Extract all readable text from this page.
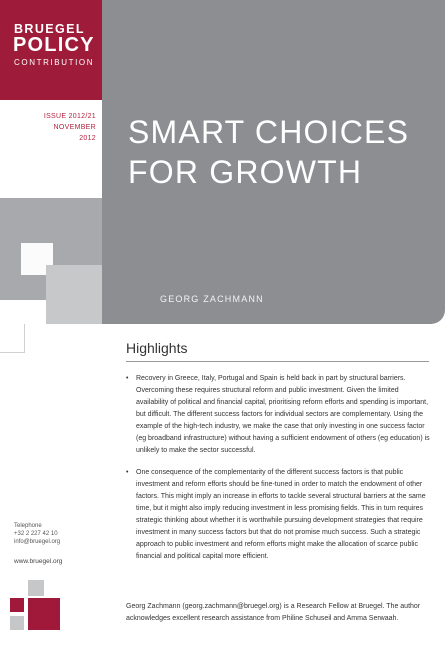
BRUEGEL
POLICY
CONTRIBUTION
ISSUE 2012/21
NOVEMBER 2012 SMART CHOICES
FOR GROWTH
GEORG ZACHMANN
Telephone
+32 2 227 42 10
info@bruegel.org
www.bruegel.org
Highlights
• Recovery in Greece, Italy, Portugal and Spain is held back in part by structural barriers. Overcoming these requires structural reform and public investment. Given the limited availability of political and financial capital, prioritising reform efforts and spending is important, but difficult. The different success factors for individual sectors are complementary. Using the example of the high-tech industry, we make the case that only investing in one success factor (eg broadband infrastructure) without having a sufficient endowment of others (eg education) is unlikely to make the sector successful.
• One consequence of the complementarity of the different success factors is that public investment and reform efforts should be fine-tuned in order to match the endowment of other factors. This might imply an increase in efforts to tackle several structural barriers at the same time, but it might also imply reducing investment in less promising fields. This in turn requires strategic thinking about whether it is worthwhile pursuing development strategies that require investment in many success factors but that do not promise much success. Such a strategic approach to public investment and reform efforts might make the allocation of scarce public financial and political capital more efficient.
Georg Zachmann (georg.zachmann@bruegel.org) is a Research Fellow at Bruegel. The author acknowledges excellent research assistance from Philine Schuseil and Amma Serwaah.
